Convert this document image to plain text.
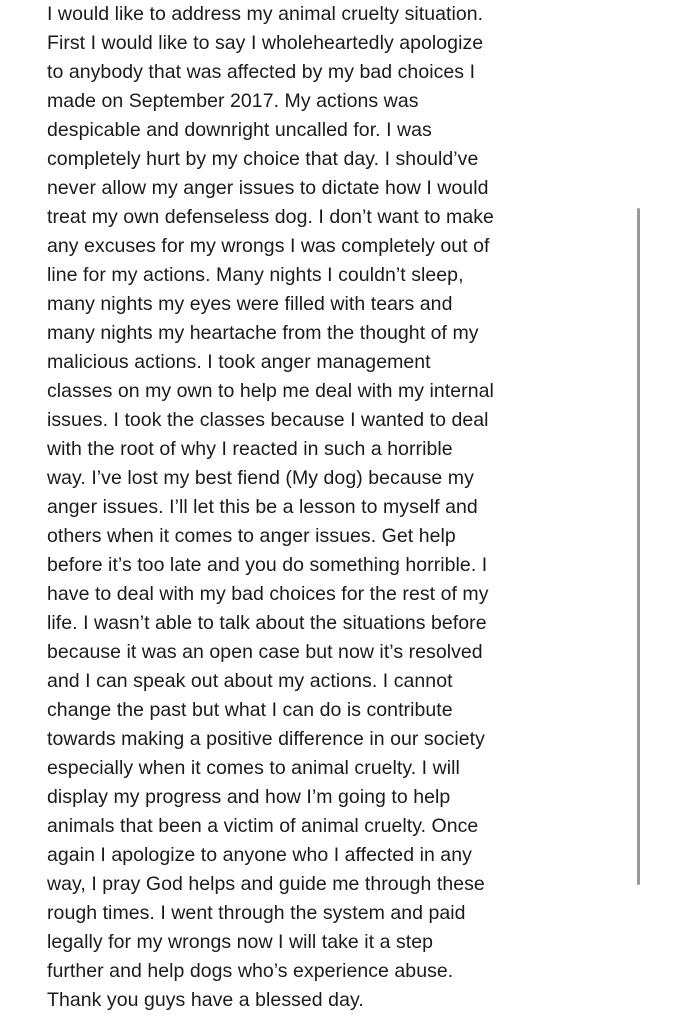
I would like to address my animal cruelty situation.
First I would like to say I wholeheartedly apologize
to anybody that was affected by my bad choices I
made on September 2017. My actions was
despicable and downright uncalled for. I was
completely hurt by my choice that day. I should’ve
never allow my anger issues to dictate how I would
treat my own defenseless dog. I don’t want to make
any excuses for my wrongs I was completely out of
line for my actions. Many nights I couldn’t sleep,
many nights my eyes were filled with tears and
many nights my heartache from the thought of my
malicious actions. I took anger management
classes on my own to help me deal with my internal
issues. I took the classes because I wanted to deal
with the root of why I reacted in such a horrible
way. I’ve lost my best fiend (My dog) because my
anger issues. I’ll let this be a lesson to myself and
others when it comes to anger issues. Get help
before it’s too late and you do something horrible. I
have to deal with my bad choices for the rest of my
life. I wasn’t able to talk about the situations before
because it was an open case but now it’s resolved
and I can speak out about my actions. I cannot
change the past but what I can do is contribute
towards making a positive difference in our society
especially when it comes to animal cruelty. I will
display my progress and how I’m going to help
animals that been a victim of animal cruelty. Once
again I apologize to anyone who I affected in any
way, I pray God helps and guide me through these
rough times. I went through the system and paid
legally for my wrongs now I will take it a step
further and help dogs who’s experience abuse.
Thank you guys have a blessed day.
